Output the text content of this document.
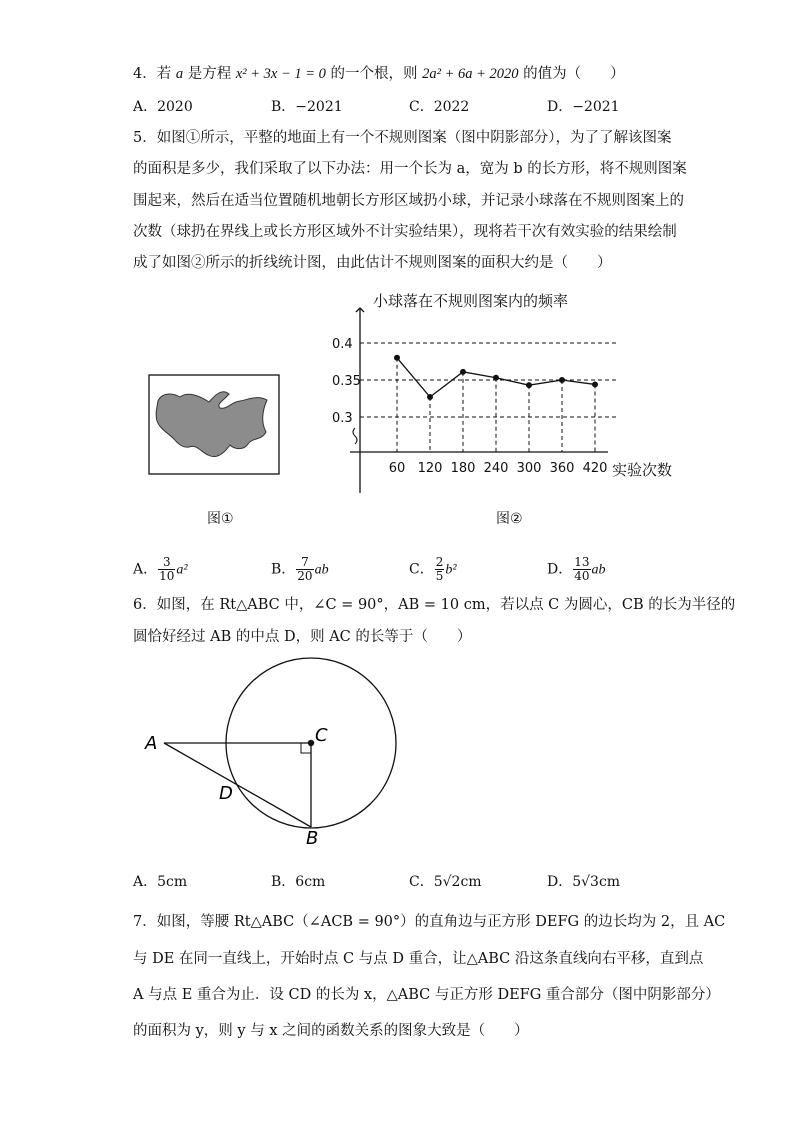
4．若 a 是方程 x² + 3x − 1 = 0 的一个根，则 2a² + 6a + 2020 的值为（　　）
A．2020	B．−2021	C．2022	D．−2021
5．如图①所示，平整的地面上有一个不规则图案（图中阴影部分），为了了解该图案
的面积是多少，我们采取了以下办法：用一个长为 a，宽为 b 的长方形，将不规则图案
围起来，然后在适当位置随机地朝长方形区域扔小球，并记录小球落在不规则图案上的
次数（球扔在界线上或长方形区域外不计实验结果），现将若干次有效实验的结果绘制
成了如图②所示的折线统计图，由此估计不规则图案的面积大约是（　　）
图①
小球落在不规则图案内的频率
0.4
0.35
0.3
60 120 180 240 300 360 420 实验次数
图②
A． $\frac{3}{10} a^2$	B． $\frac{7}{20}$ ab	C． $\frac{2}{5} b^2$	D． $\frac{13}{40}$ ab
6．如图，在 Rt△ABC 中，∠C = 90°，AB = 10 cm，若以点 C 为圆心，CB 的长为半径的
圆恰好经过 AB 的中点 D，则 AC 的长等于（　　）
A	C
D
B
A．5cm	B．6cm	C．5√2cm	D．5√3cm
7．如图，等腰 Rt△ABC（∠ACB = 90°）的直角边与正方形 DEFG 的边长均为 2，且 AC
与 DE 在同一直线上，开始时点 C 与点 D 重合，让△ABC 沿这条直线向右平移，直到点
A 与点 E 重合为止．设 CD 的长为 x，△ABC 与正方形 DEFG 重合部分（图中阴影部分）
的面积为 y，则 y 与 x 之间的函数关系的图象大致是（　　）
